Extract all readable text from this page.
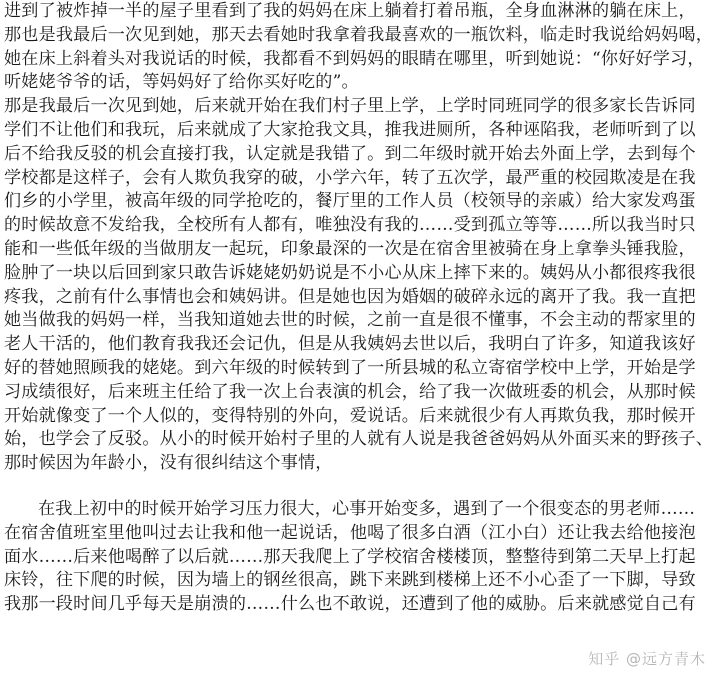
进到了被炸掉一半的屋子里看到了我的妈妈在床上躺着打着吊瓶，全身血淋淋的躺在床上，
那也是我最后一次见到她，那天去看她时我拿着我最喜欢的一瓶饮料，临走时我说给妈妈喝，
她在床上斜着头对我说话的时候，我都看不到妈妈的眼睛在哪里，听到她说：“你好好学习，
听姥姥爷爷的话，等妈妈好了给你买好吃的”。
那是我最后一次见到她，后来就开始在我们村子里上学，上学时同班同学的很多家长告诉同
学们不让他们和我玩，后来就成了大家抢我文具，推我进厕所，各种诬陷我，老师听到了以
后不给我反驳的机会直接打我，认定就是我错了。到二年级时就开始去外面上学，去到每个
学校都是这样子，会有人欺负我穿的破，小学六年，转了五次学，最严重的校园欺凌是在我
们乡的小学里，被高年级的同学抢吃的，餐厅里的工作人员（校领导的亲戚）给大家发鸡蛋
的时候故意不发给我，全校所有人都有，唯独没有我的……受到孤立等等……所以我当时只
能和一些低年级的当做朋友一起玩，印象最深的一次是在宿舍里被骑在身上拿拳头锤我脸，
脸肿了一块以后回到家只敢告诉姥姥奶奶说是不小心从床上摔下来的。姨妈从小都很疼我很
疼我，之前有什么事情也会和姨妈讲。但是她也因为婚姻的破碎永远的离开了我。我一直把
她当做我的妈妈一样，当我知道她去世的时候，之前一直是很不懂事，不会主动的帮家里的
老人干活的，他们教育我我还会记仇，但是从我姨妈去世以后，我明白了许多，知道我该好
好的替她照顾我的姥姥。到六年级的时候转到了一所县城的私立寄宿学校中上学，开始是学
习成绩很好，后来班主任给了我一次上台表演的机会，给了我一次做班委的机会，从那时候
开始就像变了一个人似的，变得特别的外向，爱说话。后来就很少有人再欺负我，那时候开
始，也学会了反驳。从小的时候开始村子里的人就有人说是我爸爸妈妈从外面买来的野孩子、
那时候因为年龄小，没有很纠结这个事情，
在我上初中的时候开始学习压力很大，心事开始变多，遇到了一个很变态的男老师……
在宿舍值班室里他叫过去让我和他一起说话，他喝了很多白酒（江小白）还让我去给他接泡
面水……后来他喝醉了以后就……那天我爬上了学校宿舍楼楼顶，整整待到第二天早上打起
床铃，往下爬的时候，因为墙上的钢丝很高，跳下来跳到楼梯上还不小心歪了一下脚，导致
我那一段时间几乎每天是崩溃的……什么也不敢说，还遭到了他的威胁。后来就感觉自己有
知乎 @远方青木
